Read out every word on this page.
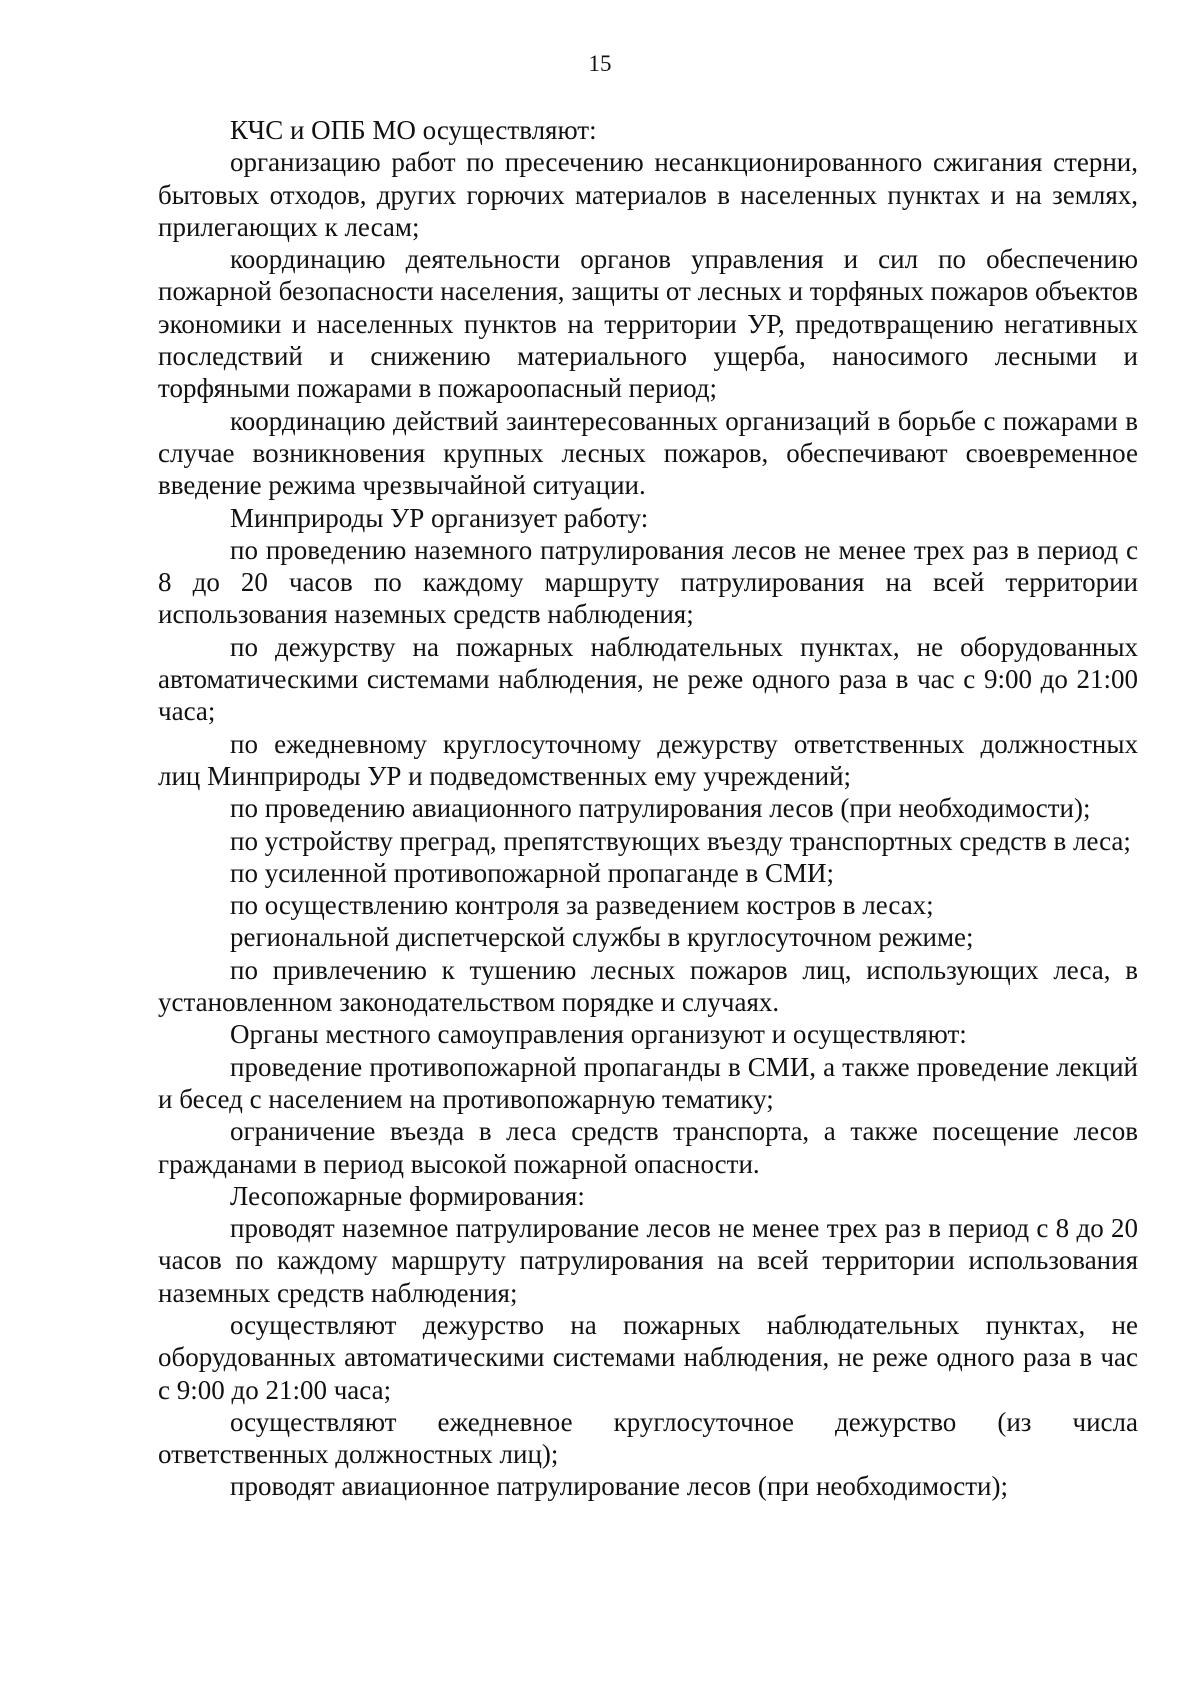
15

КЧС и ОПБ МО осуществляют:

организацию работ по пресечению несанкционированного сжигания стерни, бытовых отходов, других горючих материалов в населенных пунктах и на землях, прилегающих к лесам;

координацию деятельности органов управления и сил по обеспечению пожарной безопасности населения, защиты от лесных и торфяных пожаров объектов экономики и населенных пунктов на территории УР, предотвращению негативных последствий и снижению материального ущерба, наносимого лесными и торфяными пожарами в пожароопасный период;

координацию действий заинтересованных организаций в борьбе с пожарами в случае возникновения крупных лесных пожаров, обеспечивают своевременное введение режима чрезвычайной ситуации.

Минприроды УР организует работу:

по проведению наземного патрулирования лесов не менее трех раз в период с 8 до 20 часов по каждому маршруту патрулирования на всей территории использования наземных средств наблюдения;

по дежурству на пожарных наблюдательных пунктах, не оборудованных автоматическими системами наблюдения, не реже одного раза в час с 9:00 до 21:00 часа;

по ежедневному круглосуточному дежурству ответственных должностных лиц Минприроды УР и подведомственных ему учреждений;

по проведению авиационного патрулирования лесов (при необходимости);

по устройству преград, препятствующих въезду транспортных средств в леса;

по усиленной противопожарной пропаганде в СМИ;

по осуществлению контроля за разведением костров в лесах;

региональной диспетчерской службы в круглосуточном режиме;

по привлечению к тушению лесных пожаров лиц, использующих леса, в установленном законодательством порядке и случаях.

Органы местного самоуправления организуют и осуществляют:

проведение противопожарной пропаганды в СМИ, а также проведение лекций и бесед с населением на противопожарную тематику;

ограничение въезда в леса средств транспорта, а также посещение лесов гражданами в период высокой пожарной опасности.

Лесопожарные формирования:

проводят наземное патрулирование лесов не менее трех раз в период с 8 до 20 часов по каждому маршруту патрулирования на всей территории использования наземных средств наблюдения;

осуществляют дежурство на пожарных наблюдательных пунктах, не оборудованных автоматическими системами наблюдения, не реже одного раза в час с 9:00 до 21:00 часа;

осуществляют ежедневное круглосуточное дежурство (из числа ответственных должностных лиц);

проводят авиационное патрулирование лесов (при необходимости);
